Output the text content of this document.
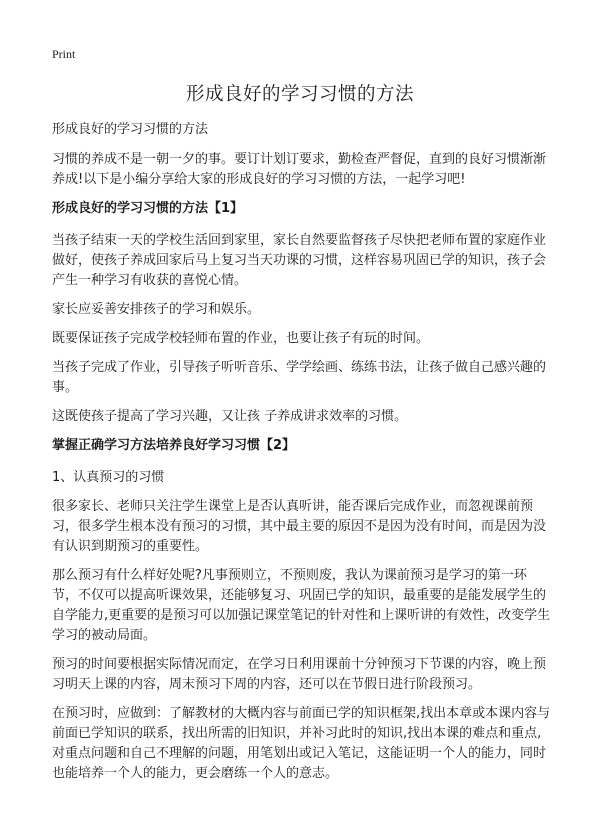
Print
形成良好的学习习惯的方法

形成良好的学习习惯的方法

习惯的养成不是一朝一夕的事。要订计划订要求，勤检查严督促，直到的良好习惯渐渐养成!以下是小编分享给大家的形成良好的学习习惯的方法，一起学习吧!

形成良好的学习习惯的方法【1】

当孩子结束一天的学校生活回到家里，家长自然要监督孩子尽快把老师布置的家庭作业做好，使孩子养成回家后马上复习当天功课的习惯，这样容易巩固已学的知识，孩子会产生一种学习有收获的喜悦心情。

家长应妥善安排孩子的学习和娱乐。

既要保证孩子完成学校轻师布置的作业，也要让孩子有玩的时间。

当孩子完成了作业，引导孩子听听音乐、学学绘画、练练书法，让孩子做自己感兴趣的事。

这既使孩子提高了学习兴趣，又让孩 子养成讲求效率的习惯。

掌握正确学习方法培养良好学习习惯【2】

1、认真预习的习惯

很多家长、老师只关注学生课堂上是否认真听讲，能否课后完成作业，而忽视课前预习，很多学生根本没有预习的习惯，其中最主要的原因不是因为没有时间，而是因为没有认识到期预习的重要性。

那么预习有什么样好处呢?凡事预则立，不预则废，我认为课前预习是学习的第一环节，不仅可以提高听课效果，还能够复习、巩固已学的知识，最重要的是能发展学生的自学能力,更重要的是预习可以加强记课堂笔记的针对性和上课听讲的有效性，改变学生学习的被动局面。

预习的时间要根据实际情况而定，在学习日利用课前十分钟预习下节课的内容，晚上预习明天上课的内容，周末预习下周的内容，还可以在节假日进行阶段预习。

在预习时，应做到：了解教材的大概内容与前面已学的知识框架,找出本章或本课内容与前面已学知识的联系，找出所需的旧知识，并补习此时的知识,找出本课的难点和重点,对重点问题和自己不理解的问题，用笔划出或记入笔记，这能证明一个人的能力，同时也能培养一个人的能力，更会磨练一个人的意志。
